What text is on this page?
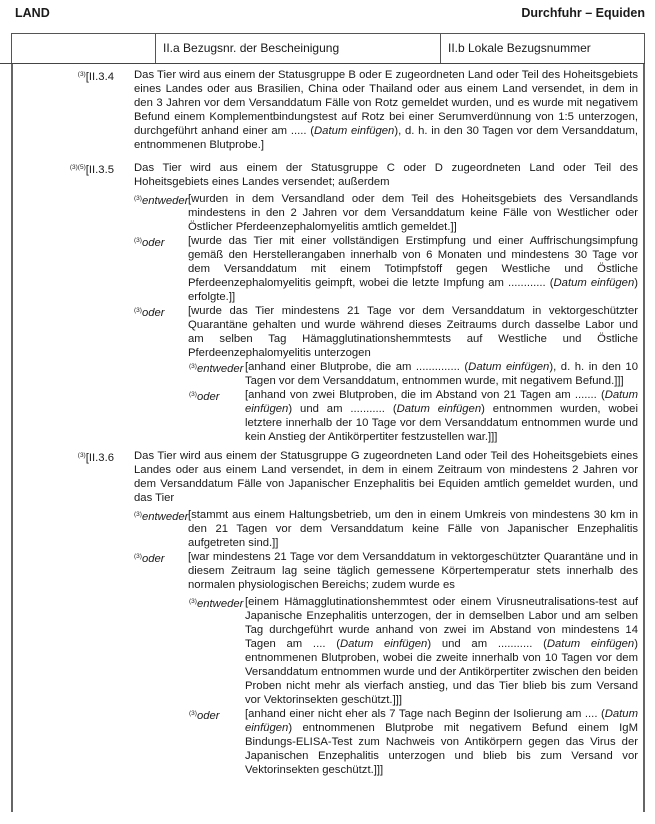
LAND	Durchfuhr – Equiden
II.a Bezugsnr. der Bescheinigung	II.b Lokale Bezugsnummer
$^{(3)}$[II.3.4 Das Tier wird aus einem der Statusgruppe B oder E zugeordneten Land oder Teil des Hoheitsgebiets eines Landes oder aus Brasilien, China oder Thailand oder aus einem Land versendet, in dem in den 3 Jahren vor dem Versanddatum Fälle von Rotz gemeldet wurden, und es wurde mit negativem Befund einem Komplementbindungstest auf Rotz bei einer Serumverdünnung von 1:5 unterzogen, durchgeführt anhand einer am ..... (Datum einfügen), d. h. in den 30 Tagen vor dem Versanddatum, entnommenen Blutprobe.]

$^{(3)(5)}$[II.3.5 Das Tier wird aus einem der Statusgruppe C oder D zugeordneten Land oder Teil des Hoheitsgebiets eines Landes versendet; außerdem

$^{(3)}$entweder [wurden in dem Versandland oder dem Teil des Hoheitsgebiets des Versandlands mindestens in den 2 Jahren vor dem Versanddatum keine Fälle von Westlicher oder Östlicher Pferdeenzephalomyelitis amtlich gemeldet.]]
$^{(3)}$oder [wurde das Tier mit einer vollständigen Erstimpfung und einer Auffrischungsimpfung gemäß den Herstellerangaben innerhalb von 6 Monaten und mindestens 30 Tage vor dem Versanddatum mit einem Totimpfstoff gegen Westliche und Östliche Pferdeenzephalomyelitis geimpft, wobei die letzte Impfung am ............ (Datum einfügen) erfolgte.]]
$^{(3)}$oder [wurde das Tier mindestens 21 Tage vor dem Versanddatum in vektorgeschützter Quarantäne gehalten und wurde während dieses Zeitraums durch dasselbe Labor und am selben Tag Hämagglutinationshemmtests auf Westliche und Östliche Pferdeenzephalomyelitis unterzogen
$^{(3)}$entweder [anhand einer Blutprobe, die am .............. (Datum einfügen), d. h. in den 10 Tagen vor dem Versanddatum, entnommen wurde, mit negativem Befund.]]]
$^{(3)}$oder [anhand von zwei Blutproben, die im Abstand von 21 Tagen am ....... (Datum einfügen) und am ........... (Datum einfügen) entnommen wurden, wobei letztere innerhalb der 10 Tage vor dem Versanddatum entnommen wurde und kein Anstieg der Antikörpertiter festzustellen war.]]]
$^{(3)}$[II.3.6 Das Tier wird aus einem der Statusgruppe G zugeordneten Land oder Teil des Hoheitsgebiets eines Landes oder aus einem Land versendet, in dem in einem Zeitraum von mindestens 2 Jahren vor dem Versanddatum Fälle von Japanischer Enzephalitis bei Equiden amtlich gemeldet wurden, und das Tier

$^{(3)}$entweder [stammt aus einem Haltungsbetrieb, um den in einem Umkreis von mindestens 30 km in den 21 Tagen vor dem Versanddatum keine Fälle von Japanischer Enzephalitis aufgetreten sind.]]
$^{(3)}$oder [war mindestens 21 Tage vor dem Versanddatum in vektorgeschützter Quarantäne und in diesem Zeitraum lag seine täglich gemessene Körpertemperatur stets innerhalb des normalen physiologischen Bereichs; zudem wurde es
$^{(3)}$entweder [einem Hämagglutinationshemmtest oder einem Virusneutralisations-test auf Japanische Enzephalitis unterzogen, der in demselben Labor und am selben Tag durchgeführt wurde anhand von zwei im Abstand von mindestens 14 Tagen am .... (Datum einfügen) und am ........... (Datum einfügen) entnommenen Blutproben, wobei die zweite innerhalb von 10 Tagen vor dem Versanddatum entnommen wurde und der Antikörpertiter zwischen den beiden Proben nicht mehr als vierfach anstieg, und das Tier blieb bis zum Versand vor Vektorinsekten geschützt.]]]
$^{(3)}$oder [anhand einer nicht eher als 7 Tage nach Beginn der Isolierung am .... (Datum einfügen) entnommenen Blutprobe mit negativem Befund einem IgM Bindungs-ELISA-Test zum Nachweis von Antikörpern gegen das Virus der Japanischen Enzephalitis unterzogen und blieb bis zum Versand vor Vektorinsekten geschützt.]]]
